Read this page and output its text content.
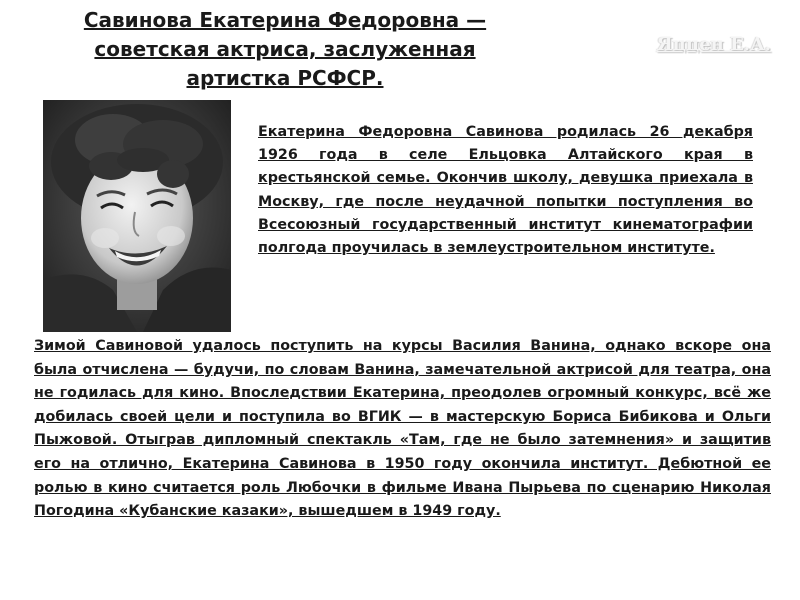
Савинова Екатерина Федоровна — советская актриса, заслуженная артистка РСФСР.
Яццен Е.А.

Екатерина Федоровна Савинова родилась 26 декабря 1926 года в селе Ельцовка Алтайского края в крестьянской семье. Окончив школу, девушка приехала в Москву, где после неудачной попытки поступления во Всесоюзный государственный институт кинематографии полгода проучилась в землеустроительном институте.

Зимой Савиновой удалось поступить на курсы Василия Ванина, однако вскоре она была отчислена — будучи, по словам Ванина, замечательной актрисой для театра, она не годилась для кино. Впоследствии Екатерина, преодолев огромный конкурс, всё же добилась своей цели и поступила во ВГИК — в мастерскую Бориса Бибикова и Ольги Пыжовой. Отыграв дипломный спектакль «Там, где не было затемнения» и защитив его на отлично, Екатерина Савинова в 1950 году окончила институт. Дебютной ее ролью в кино считается роль Любочки в фильме Ивана Пырьева по сценарию Николая Погодина «Кубанские казаки», вышедшем в 1949 году.
